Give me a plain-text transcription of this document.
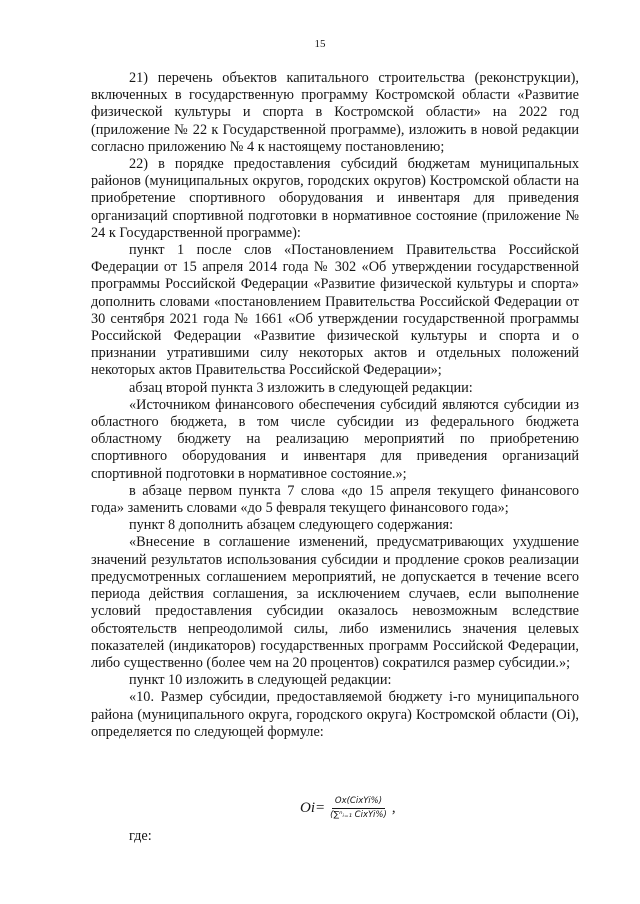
15

21) перечень объектов капитального строительства (реконструкции), включенных в государственную программу Костромской области «Развитие физической культуры и спорта в Костромской области» на 2022 год (приложение № 22 к Государственной программе), изложить в новой редакции согласно приложению № 4 к настоящему постановлению;

22) в порядке предоставления субсидий бюджетам муниципальных районов (муниципальных округов, городских округов) Костромской области на приобретение спортивного оборудования и инвентаря для приведения организаций спортивной подготовки в нормативное состояние (приложение № 24 к Государственной программе):

пункт 1 после слов «Постановлением Правительства Российской Федерации от 15 апреля 2014 года № 302 «Об утверждении государственной программы Российской Федерации «Развитие физической культуры и спорта» дополнить словами «постановлением Правительства Российской Федерации от 30 сентября 2021 года № 1661 «Об утверждении государственной программы Российской Федерации «Развитие физической культуры и спорта и о признании утратившими силу некоторых актов и отдельных положений некоторых актов Правительства Российской Федерации»;

абзац второй пункта 3 изложить в следующей редакции:

«Источником финансового обеспечения субсидий являются субсидии из областного бюджета, в том числе субсидии из федерального бюджета областному бюджету на реализацию мероприятий по приобретению спортивного оборудования и инвентаря для приведения организаций спортивной подготовки в нормативное состояние.»;

в абзаце первом пункта 7 слова «до 15 апреля текущего финансового года» заменить словами «до 5 февраля текущего финансового года»;

пункт 8 дополнить абзацем следующего содержания:

«Внесение в соглашение изменений, предусматривающих ухудшение значений результатов использования субсидии и продление сроков реализации предусмотренных соглашением мероприятий, не допускается в течение всего периода действия соглашения, за исключением случаев, если выполнение условий предоставления субсидии оказалось невозможным вследствие обстоятельств непреодолимой силы, либо изменились значения целевых показателей (индикаторов) государственных программ Российской Федерации, либо существенно (более чем на 20 процентов) сократился размер субсидии.»;

пункт 10 изложить в следующей редакции:

«10. Размер субсидии, предоставляемой бюджету i-го муниципального района (муниципального округа, городского округа) Костромской области (Oi), определяется по следующей формуле:

$Oi= \frac{\text{Ox(CixYi\%)}}{\text{(∑ⁿᵢ₌₁ CixYi\%)}}$ ,
где:
